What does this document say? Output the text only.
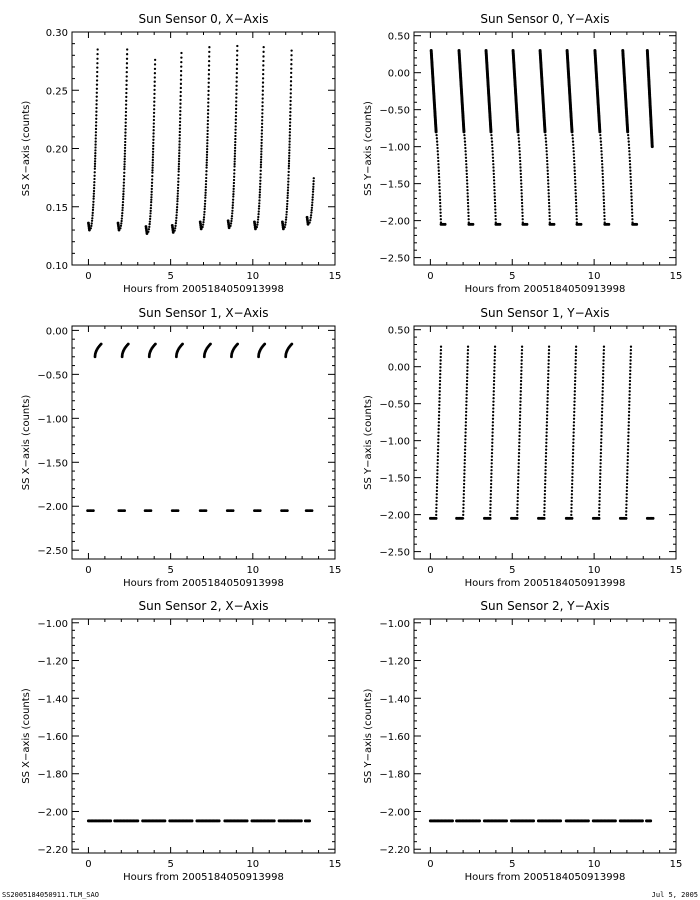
Sun Sensor 0, X−Axis
Hours from 2005184050913998
SS X−axis (counts)
0	5	10	15
0.10
0.15
0.20
0.25
0.30
Sun Sensor 0, Y−Axis
Hours from 2005184050913998
SS Y−axis (counts)
0	5	10	15
0.50
0.00
−0.50
−1.00
−1.50
−2.00
−2.50
Sun Sensor 1, X−Axis
Hours from 2005184050913998
SS X−axis (counts)
0	5	10	15
0.00
−0.50
−1.00
−1.50
−2.00
−2.50
Sun Sensor 1, Y−Axis
Hours from 2005184050913998
SS Y−axis (counts)
0	5	10	15
0.50
0.00
−0.50
−1.00
−1.50
−2.00
−2.50
Sun Sensor 2, X−Axis
Hours from 2005184050913998
SS X−axis (counts)
0	5	10	15
−1.00
−1.20
−1.40
−1.60
−1.80
−2.00
−2.20
Sun Sensor 2, Y−Axis
Hours from 2005184050913998
SS Y−axis (counts)
0	5	10	15
−1.00
−1.20
−1.40
−1.60
−1.80
−2.00
−2.20
SS2005184050911.TLM_SAO	Jul 5, 2005
